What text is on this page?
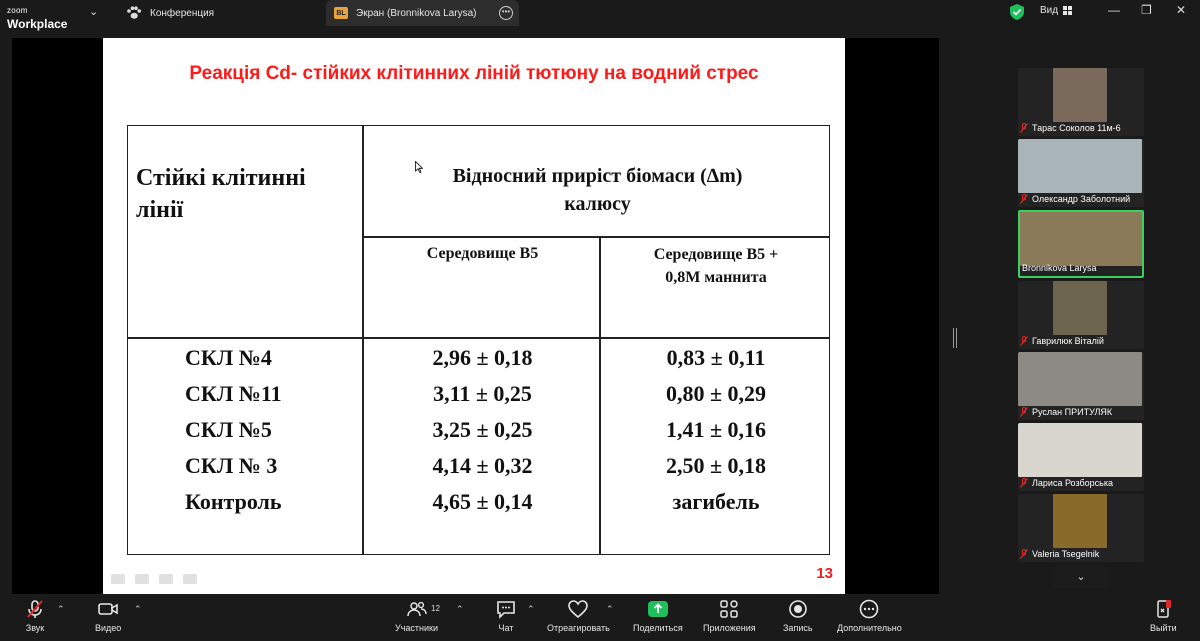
zoom
Workplace
⌄	Конференция	BL Экран (Bronnikova Larysa)	•••	Вид	— ❐ ✕
Реакція Cd- стійких клітинних ліній тютюну на водний стрес
Стійкі клітинні
лінії
Відносний приріст біомаси (∆m)
калюсу
Середовище В5	Середовище В5 +
0,8М маннита
СКЛ №4	2,96 ± 0,18	0,83 ± 0,11
СКЛ №11	3,11 ± 0,25	0,80 ± 0,29
СКЛ №5	3,25 ± 0,25	1,41 ± 0,16
СКЛ № 3	4,14 ± 0,32	2,50 ± 0,18
Контроль	4,65 ± 0,14	загибель
13
Тарас Соколов 11м-6
Олександр Заболотний
Bronnikova Larysa
Гаврилюк Віталій
Руслан ПРИТУЛЯК
Лариса Розборська
Valeria Tsegelnik
⌄
Звук
⌃
Видео
⌃
Участники
12 ⌃
Чат
⌃
Отреагировать
⌃
Поделиться Приложения	Запись	Дополнительно	Выйти
